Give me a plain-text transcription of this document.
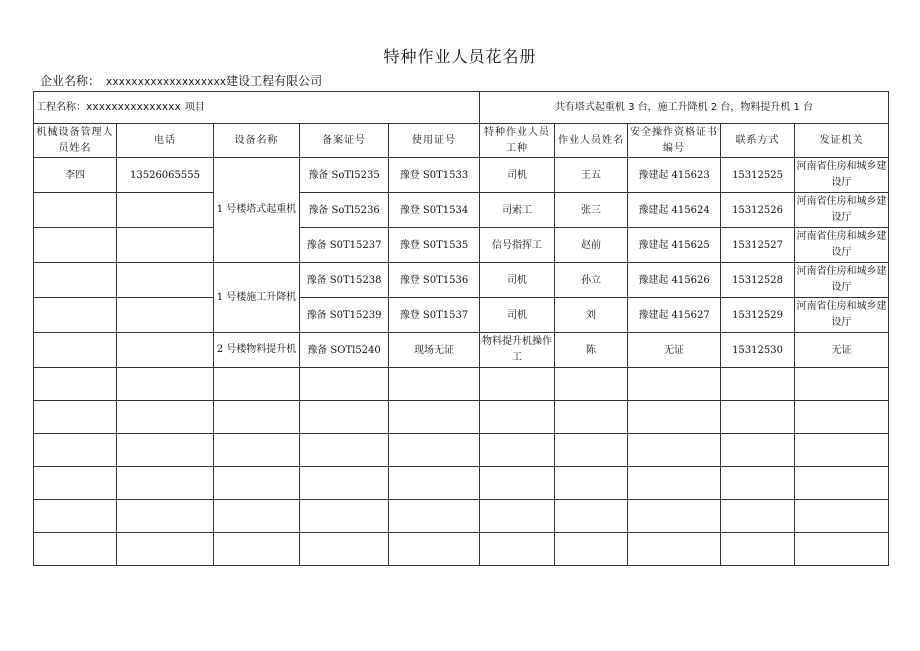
特种作业人员花名册
企业名称： xxxxxxxxxxxxxxxxxxx建设工程有限公司
工程名称：xxxxxxxxxxxxxxx 项目					共有塔式起重机 3 台，施工升降机 2 台，物料提升机 1 台				

机械设备管理人员姓名	电话	设备名称	备案证号	使用证号	特种作业人员工种	作业人员姓名	安全操作资格证书编号	联系方式	发证机关
李四	13526065555	1 号楼塔式起重机	豫备 SoTl5235	豫登 S0T1533	司机	王五	豫建起 415623	15312525	河南省住房和城乡建设厅

			豫备 SoTl5236	豫登 S0T1534	司索工	张三	豫建起 415624	15312526	河南省住房和城乡建设厅

			豫备 S0T15237	豫登 S0T1535	信号指挥工	赵前	豫建起 415625	15312527	河南省住房和城乡建设厅

		1 号楼施工升降机	豫备 S0T15238	豫登 S0T1536	司机	孙立	豫建起 415626	15312528	河南省住房和城乡建设厅

			豫备 S0T15239	豫登 S0T1537	司机	刘	豫建起 415627	15312529	河南省住房和城乡建设厅

		2 号楼物料提升机	豫备 SOTl5240	现场无证	物料提升机操作工	陈	无证	15312530	无证
